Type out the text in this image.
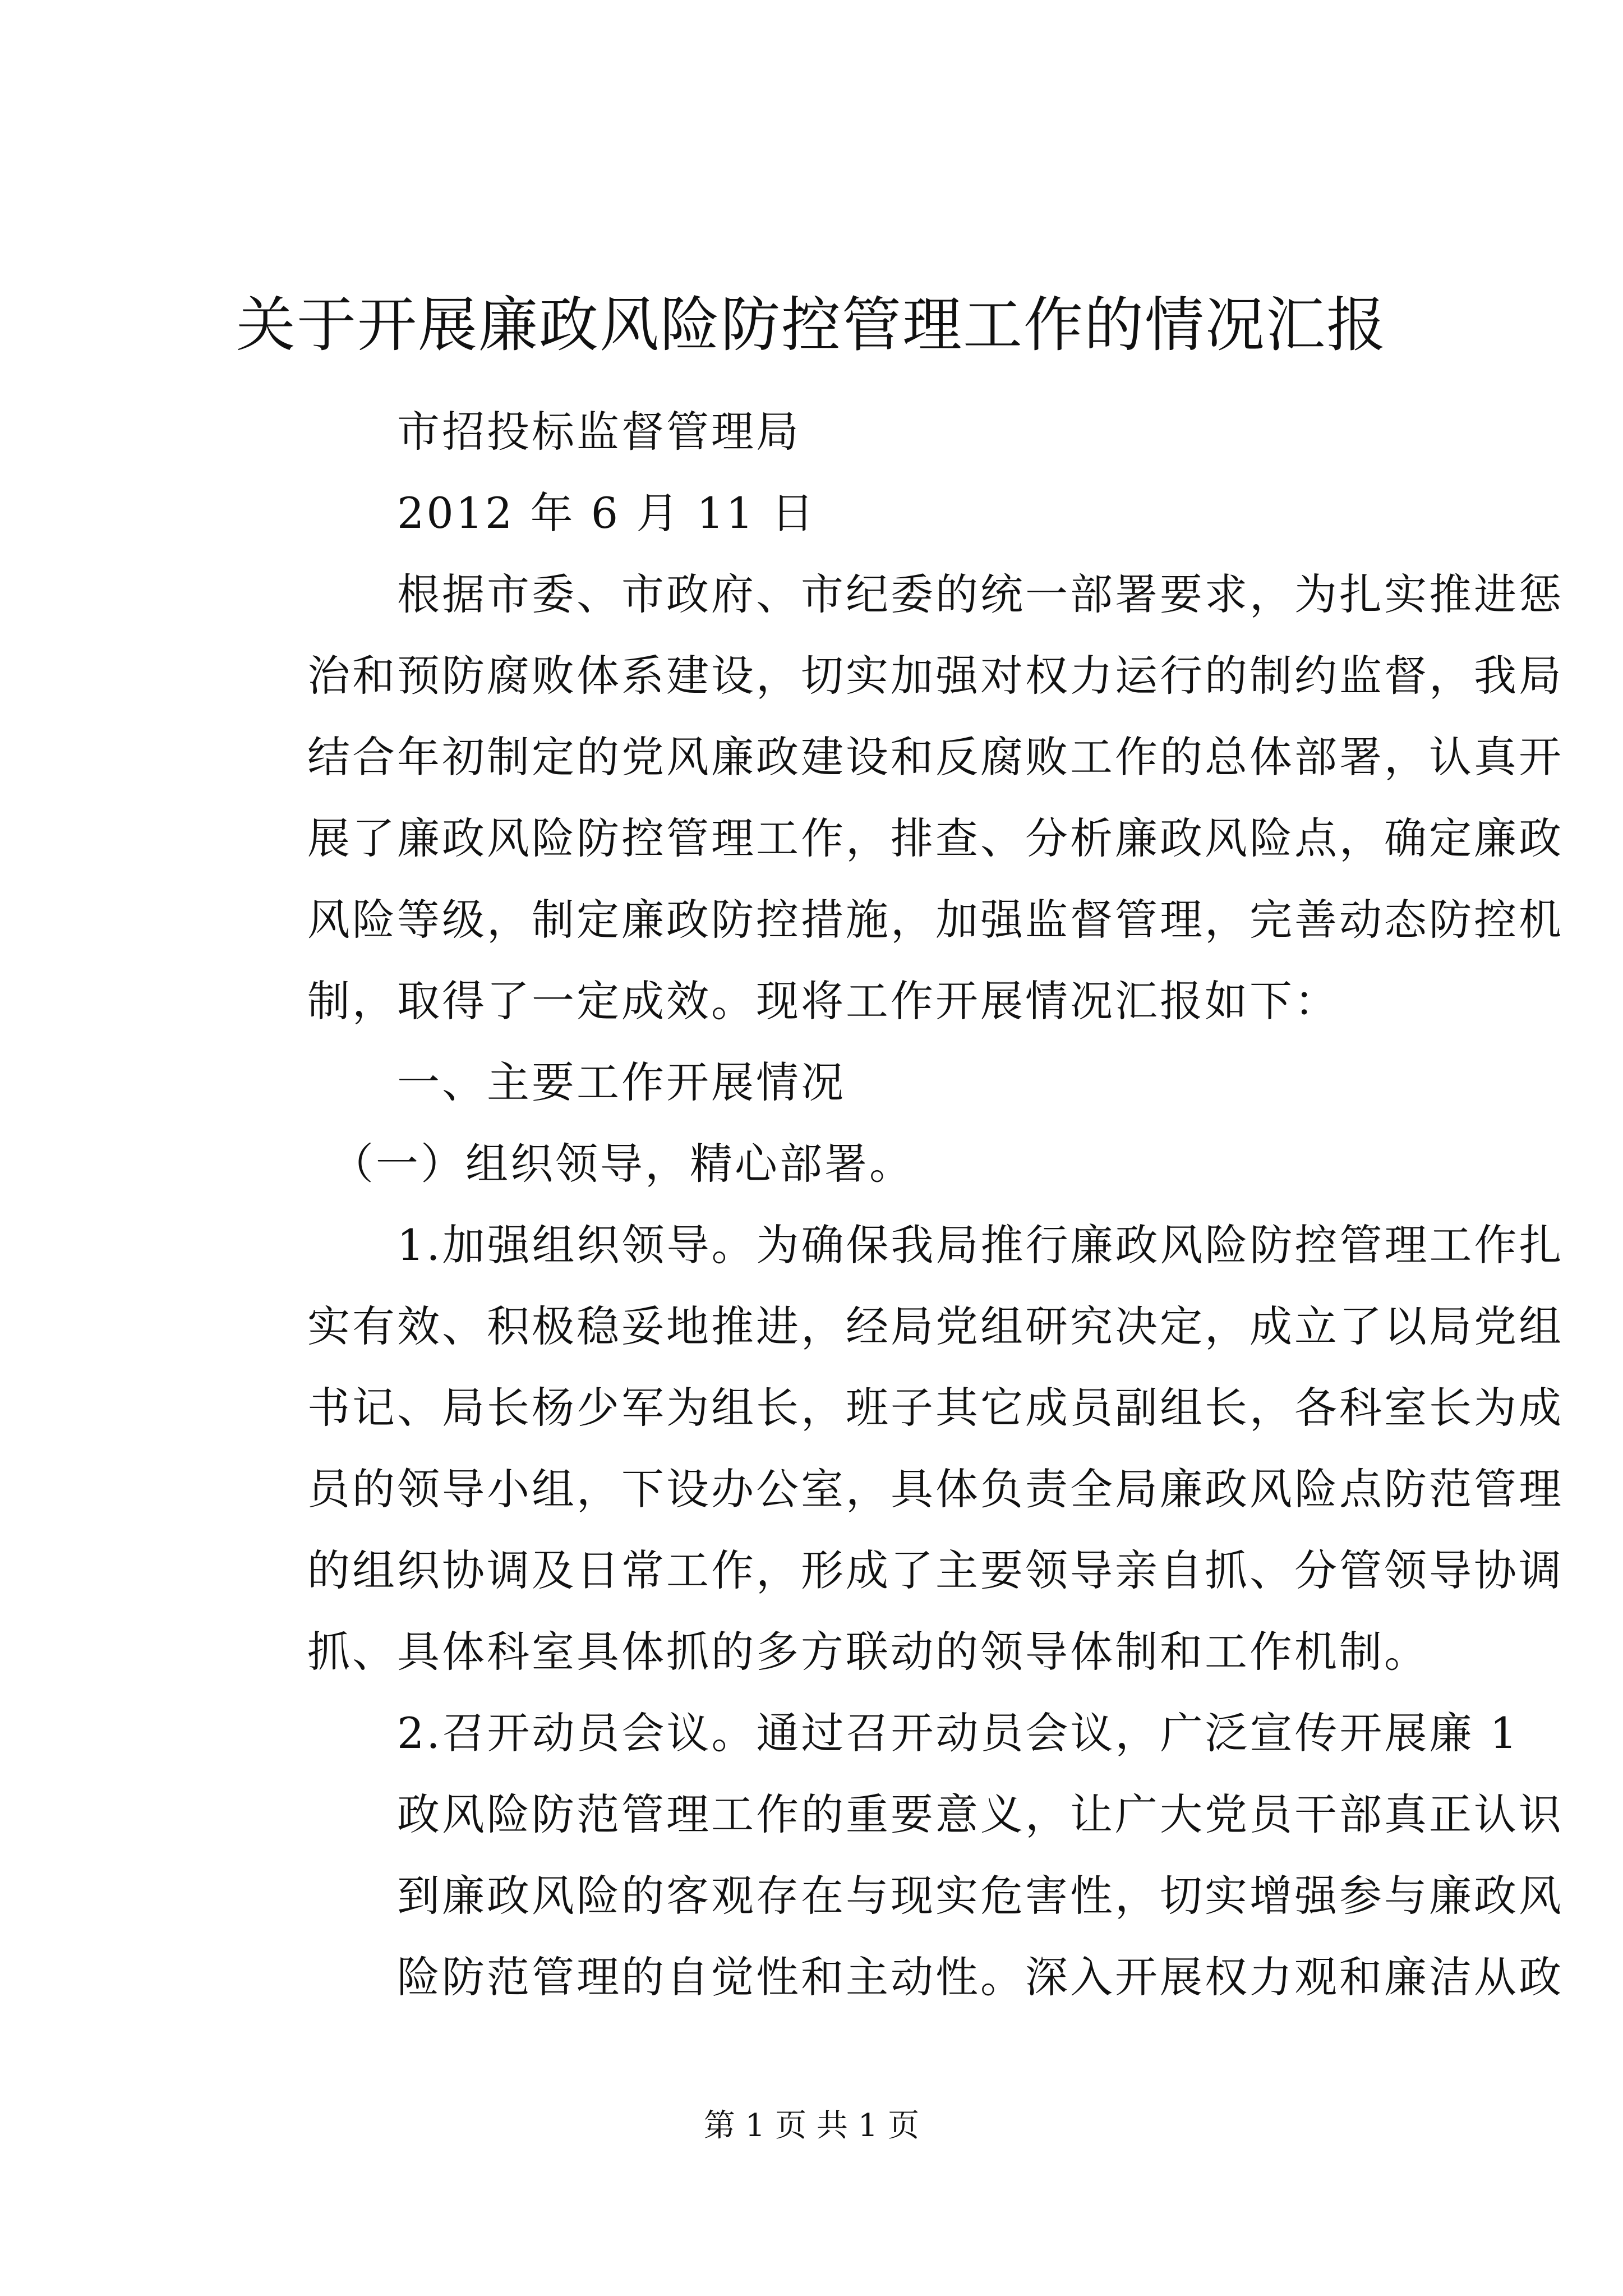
关于开展廉政风险防控管理工作的情况汇报
　　市招投标监督管理局
　　2012 年 6 月 11 日
　　根据市委、市政府、市纪委的统一部署要求，为扎实推进惩
治和预防腐败体系建设，切实加强对权力运行的制约监督，我局
结合年初制定的党风廉政建设和反腐败工作的总体部署，认真开
展了廉政风险防控管理工作，排查、分析廉政风险点，确定廉政
风险等级，制定廉政防控措施，加强监督管理，完善动态防控机
制，取得了一定成效。现将工作开展情况汇报如下：
　　一、主要工作开展情况
　（一）组织领导，精心部署。
　　1.加强组织领导。为确保我局推行廉政风险防控管理工作扎
实有效、积极稳妥地推进，经局党组研究决定，成立了以局党组
书记、局长杨少军为组长，班子其它成员副组长，各科室长为成
员的领导小组，下设办公室，具体负责全局廉政风险点防范管理
的组织协调及日常工作，形成了主要领导亲自抓、分管领导协调
抓、具体科室具体抓的多方联动的领导体制和工作机制。
　　2.召开动员会议。通过召开动员会议，广泛宣传开展廉 1
　　政风险防范管理工作的重要意义，让广大党员干部真正认识
　　到廉政风险的客观存在与现实危害性，切实增强参与廉政风
　　险防范管理的自觉性和主动性。深入开展权力观和廉洁从政
第 1 页 共 1 页
